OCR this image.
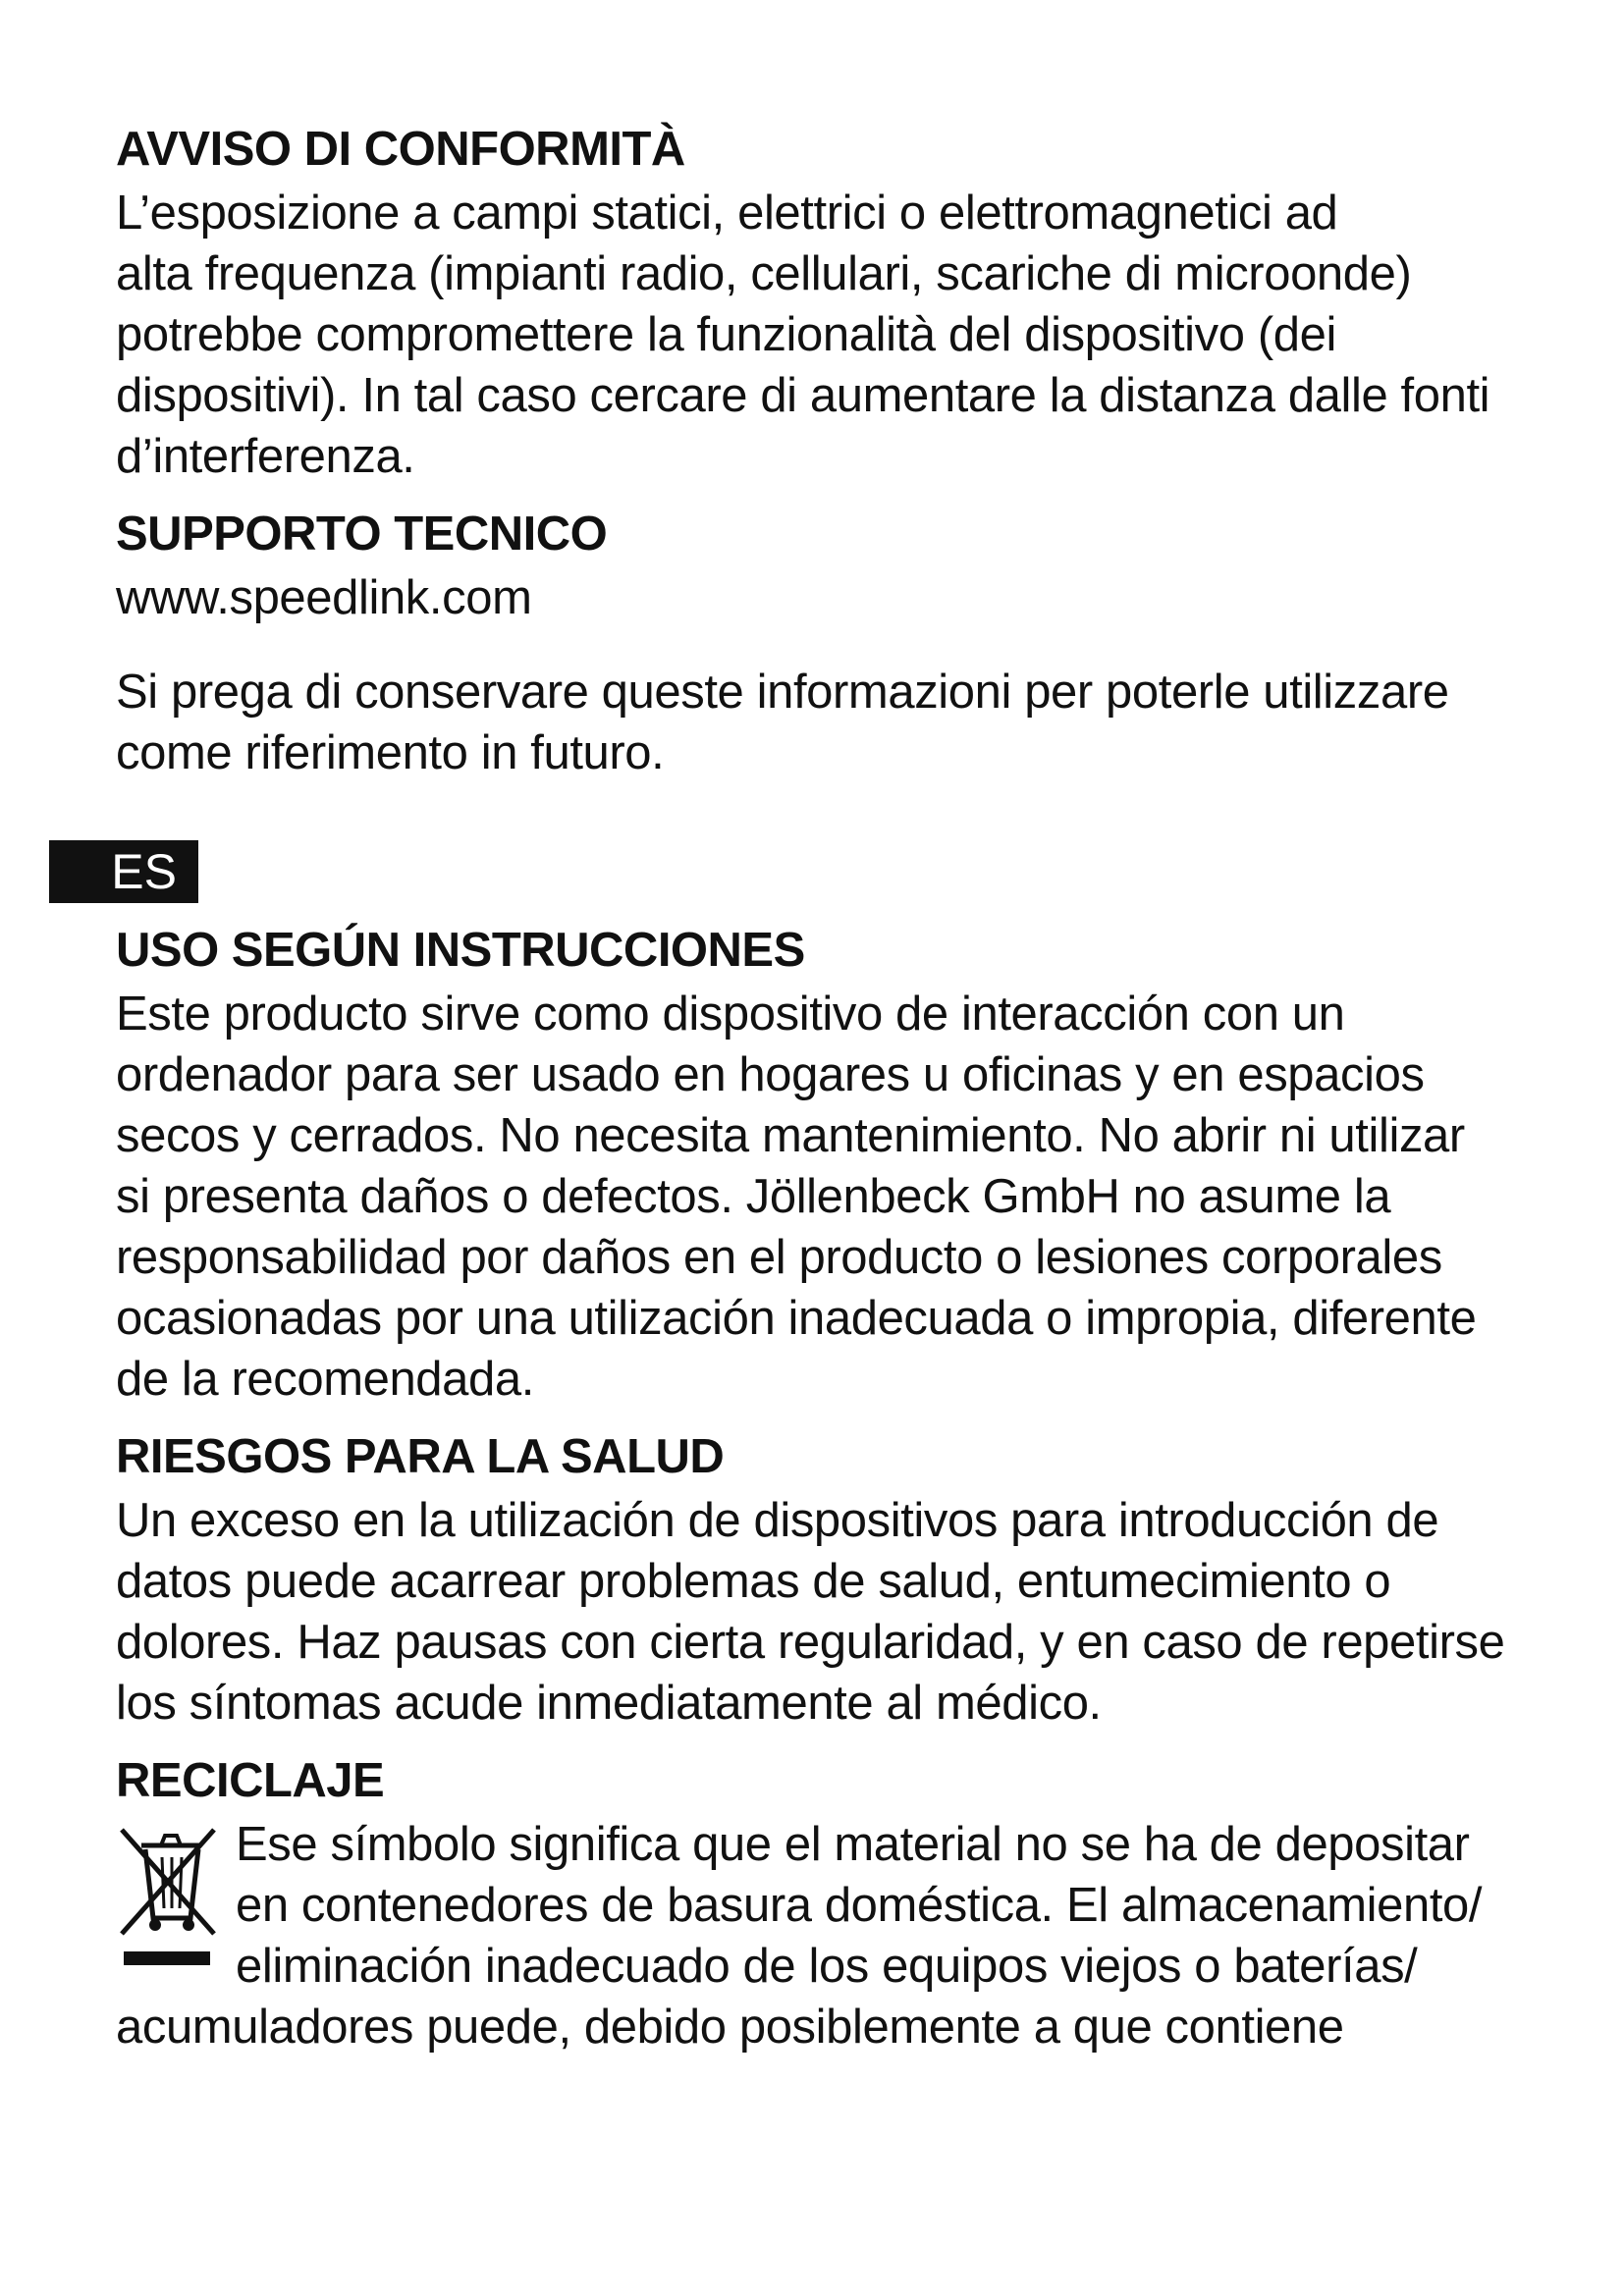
AVVISO DI CONFORMITÀ
L’esposizione a campi statici, elettrici o elettromagnetici ad
alta frequenza (impianti radio, cellulari, scariche di microonde)
potrebbe compromettere la funzionalità del dispositivo (dei
dispositivi). In tal caso cercare di aumentare la distanza dalle fonti
d’interferenza.
SUPPORTO TECNICO
www.speedlink.com
Si prega di conservare queste informazioni per poterle utilizzare
come riferimento in futuro.
ES
USO SEGÚN INSTRUCCIONES
Este producto sirve como dispositivo de interacción con un
ordenador para ser usado en hogares u oficinas y en espacios
secos y cerrados. No necesita mantenimiento. No abrir ni utilizar
si presenta daños o defectos. Jöllenbeck GmbH no asume la
responsabilidad por daños en el producto o lesiones corporales
ocasionadas por una utilización inadecuada o impropia, diferente
de la recomendada.
RIESGOS PARA LA SALUD
Un exceso en la utilización de dispositivos para introducción de
datos puede acarrear problemas de salud, entumecimiento o
dolores. Haz pausas con cierta regularidad, y en caso de repetirse
los síntomas acude inmediatamente al médico.
RECICLAJE
Ese símbolo significa que el material no se ha de depositar
en contenedores de basura doméstica. El almacenamiento/
eliminación inadecuado de los equipos viejos o baterías/
acumuladores puede, debido posiblemente a que contiene
